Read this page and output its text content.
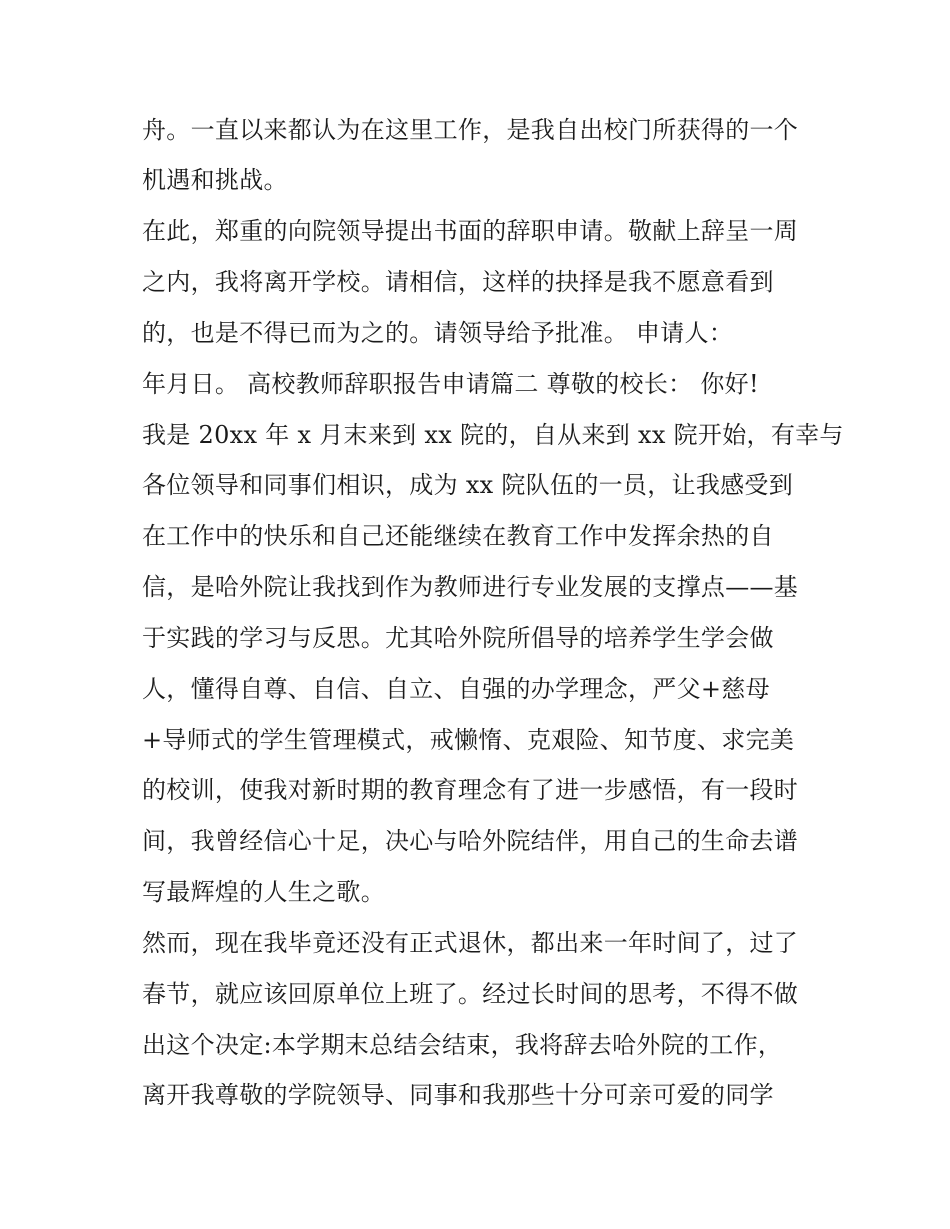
舟。一直以来都认为在这里工作，是我自出校门所获得的一个
机遇和挑战。
在此，郑重的向院领导提出书面的辞职申请。敬献上辞呈一周
之内，我将离开学校。请相信，这样的抉择是我不愿意看到
的，也是不得已而为之的。请领导给予批准。 申请人：
年月日。 高校教师辞职报告申请篇二 尊敬的校长： 你好!
我是 20xx 年 x 月末来到 xx 院的，自从来到 xx 院开始，有幸与
各位领导和同事们相识，成为 xx 院队伍的一员，让我感受到
在工作中的快乐和自己还能继续在教育工作中发挥余热的自
信，是哈外院让我找到作为教师进行专业发展的支撑点——基
于实践的学习与反思。尤其哈外院所倡导的培养学生学会做
人，懂得自尊、自信、自立、自强的办学理念，严父+慈母
+导师式的学生管理模式，戒懒惰、克艰险、知节度、求完美
的校训，使我对新时期的教育理念有了进一步感悟，有一段时
间，我曾经信心十足，决心与哈外院结伴，用自己的生命去谱
写最辉煌的人生之歌。
然而，现在我毕竟还没有正式退休，都出来一年时间了，过了
春节，就应该回原单位上班了。经过长时间的思考，不得不做
出这个决定:本学期末总结会结束，我将辞去哈外院的工作，
离开我尊敬的学院领导、同事和我那些十分可亲可爱的同学
